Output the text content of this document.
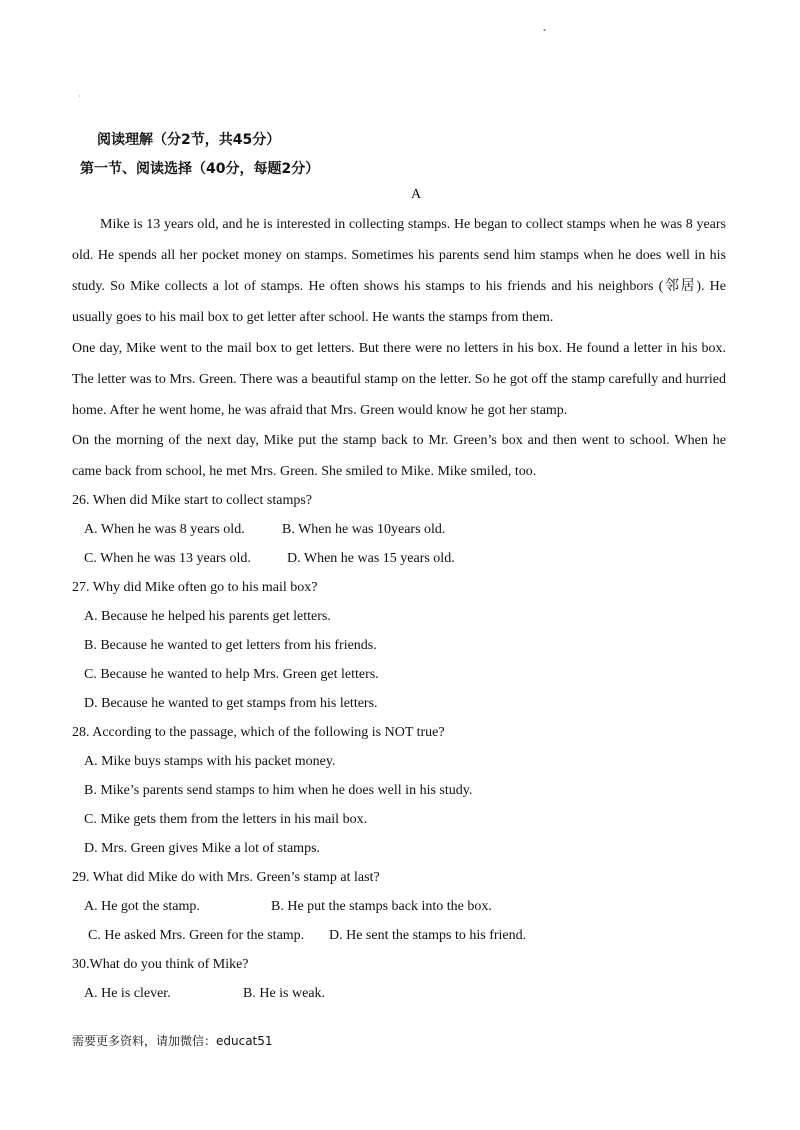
•
·
阅读理解（分2节，共45分）
第一节、阅读选择（40分，每题2分）
A
Mike is 13 years old, and he is interested in collecting stamps. He began to collect stamps when he was 8 years old. He spends all her pocket money on stamps. Sometimes his parents send him stamps when he does well in his study. So Mike collects a lot of stamps. He often shows his stamps to his friends and his neighbors (邻居). He usually goes to his mail box to get letter after school. He wants the stamps from them.
One day, Mike went to the mail box to get letters. But there were no letters in his box. He found a letter in his box. The letter was to Mrs. Green. There was a beautiful stamp on the letter. So he got off the stamp carefully and hurried home. After he went home, he was afraid that Mrs. Green would know he got her stamp.
On the morning of the next day, Mike put the stamp back to Mr. Green’s box and then went to school. When he came back from school, he met Mrs. Green. She smiled to Mike. Mike smiled, too.
26. When did Mike start to collect stamps?
A. When he was 8 years old.	B. When he was 10years old.
C. When he was 13 years old.	D. When he was 15 years old.
27. Why did Mike often go to his mail box?
A. Because he helped his parents get letters.
B. Because he wanted to get letters from his friends.
C. Because he wanted to help Mrs. Green get letters.
D. Because he wanted to get stamps from his letters.
28. According to the passage, which of the following is NOT true?
A. Mike buys stamps with his packet money.
B. Mike’s parents send stamps to him when he does well in his study.
C. Mike gets them from the letters in his mail box.
D. Mrs. Green gives Mike a lot of stamps.
29. What did Mike do with Mrs. Green’s stamp at last?
A. He got the stamp.	B. He put the stamps back into the box.
C. He asked Mrs. Green for the stamp. D. He sent the stamps to his friend.
30.What do you think of Mike?
A. He is clever.	B. He is weak.
需要更多资料，请加微信：educat51
